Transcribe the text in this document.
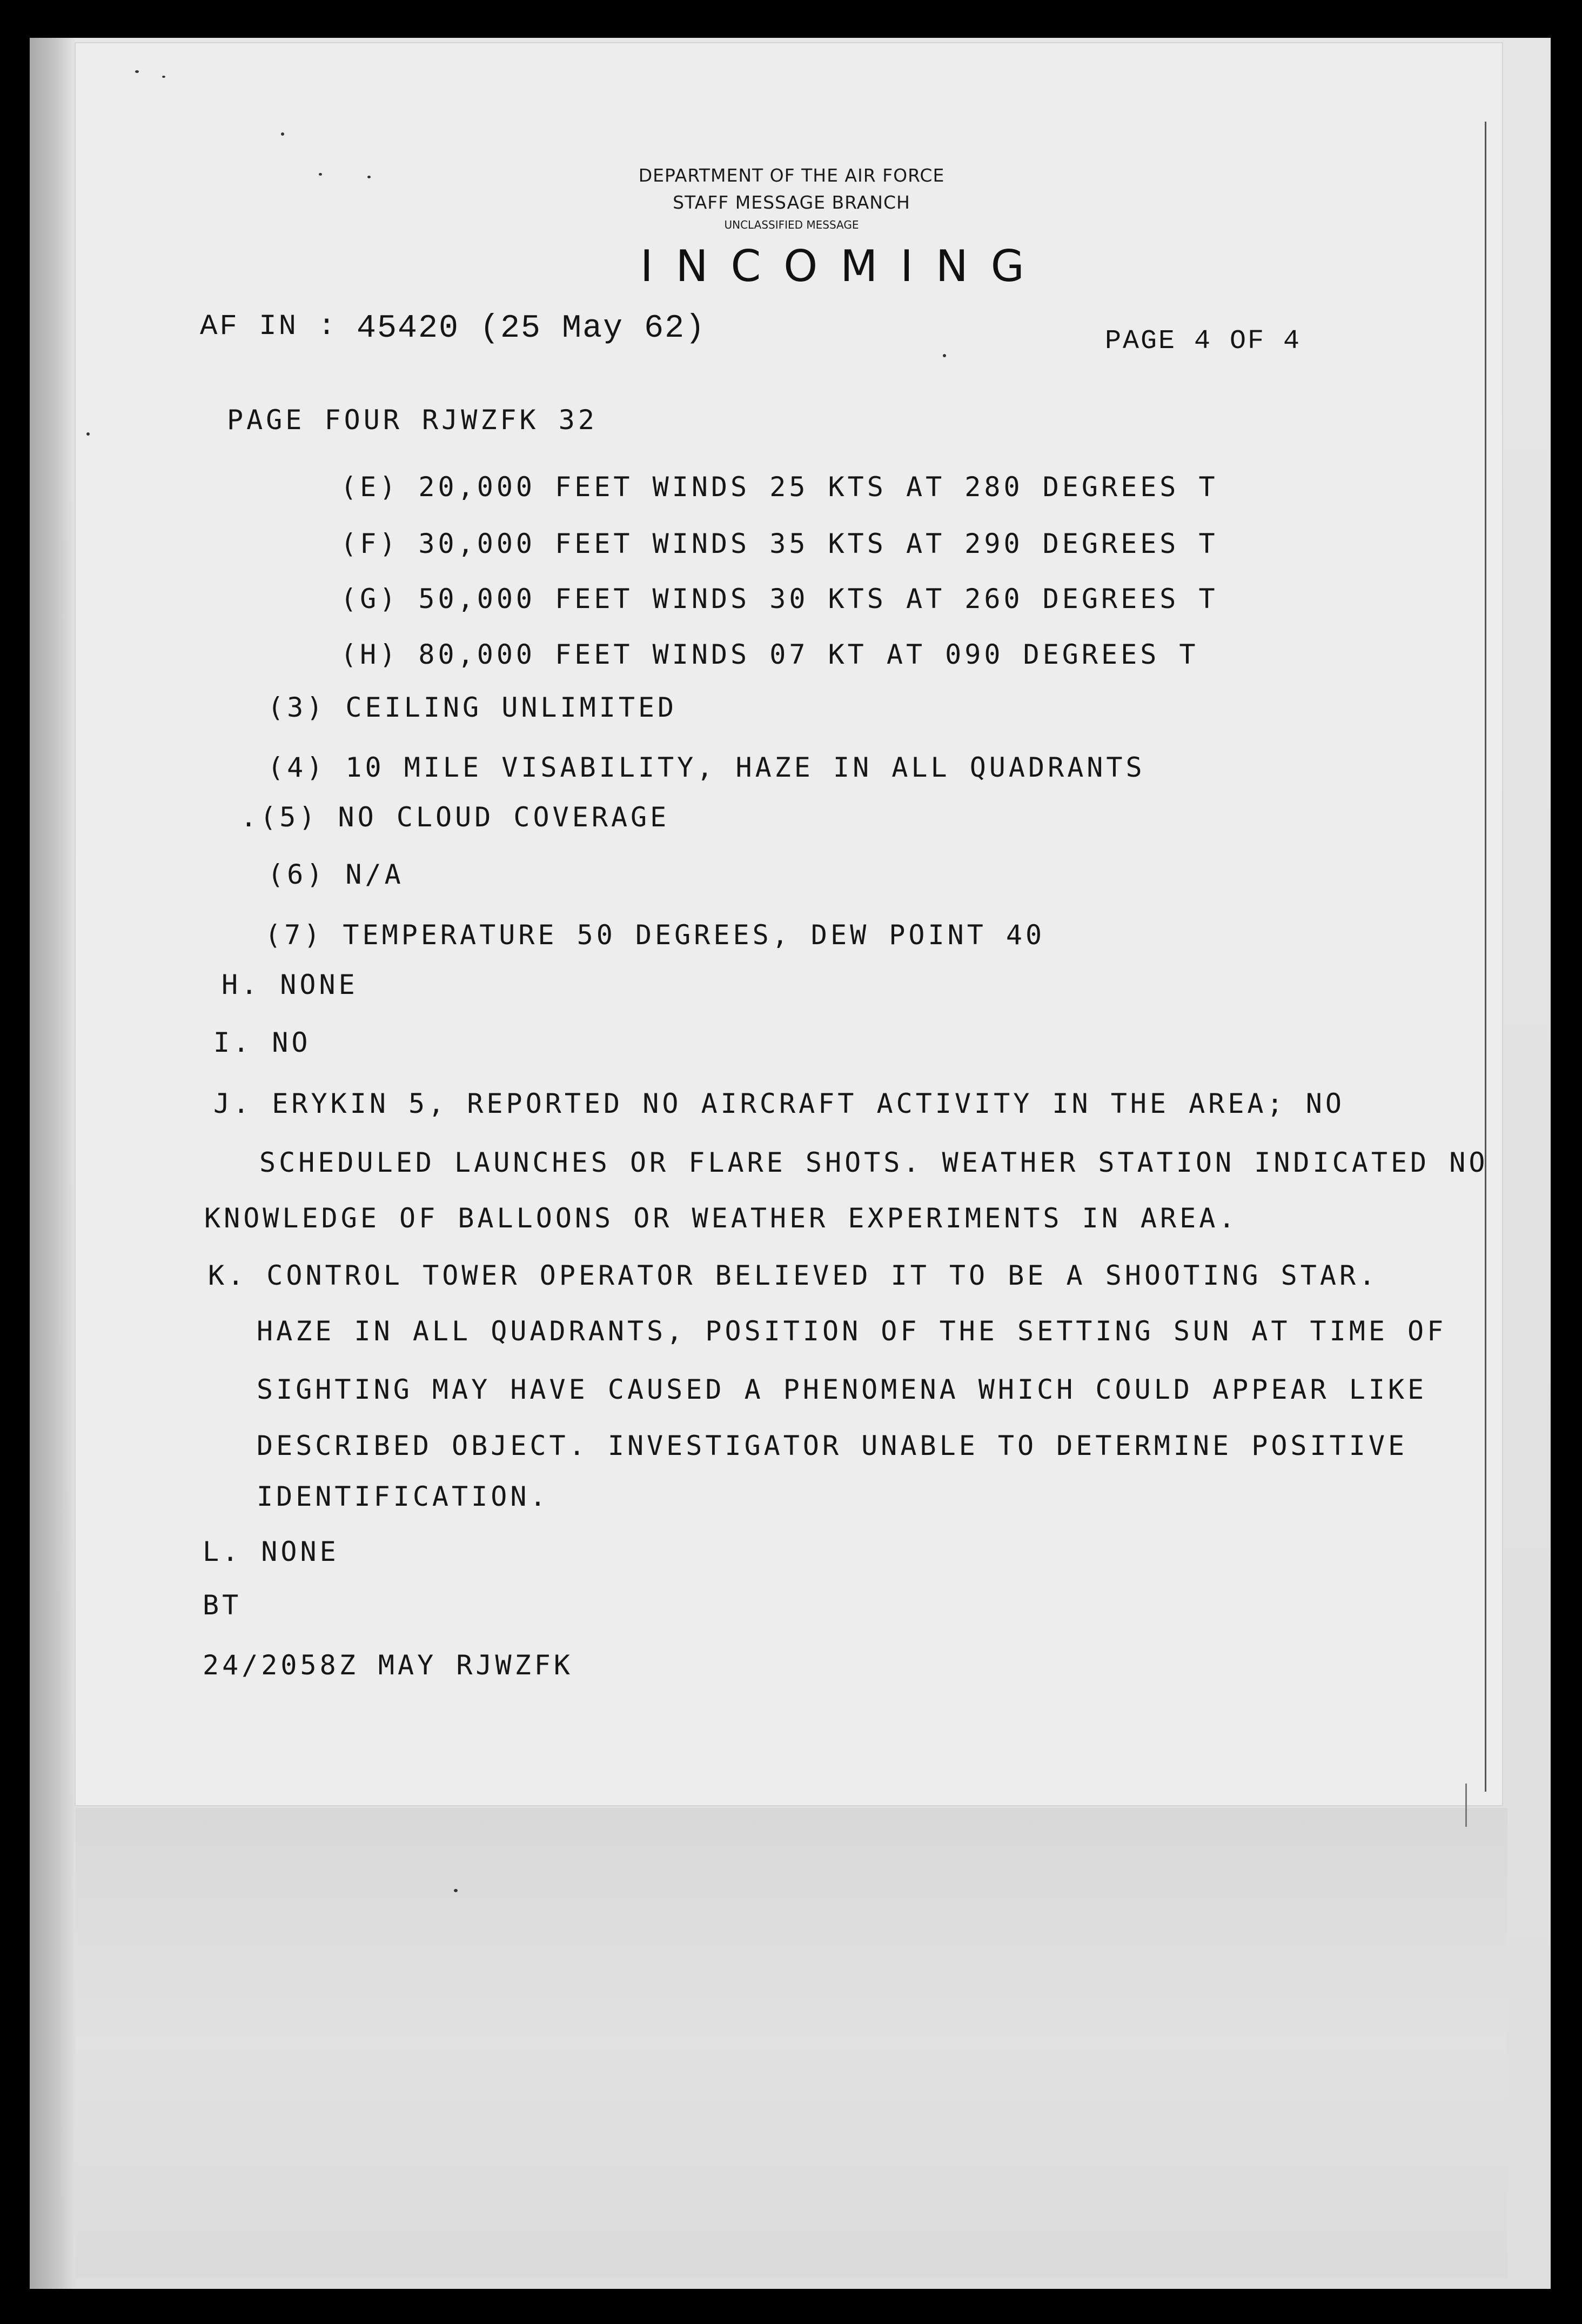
DEPARTMENT OF THE AIR FORCE
STAFF MESSAGE BRANCH
UNCLASSIFIED MESSAGE
INCOMING
AF IN : 45420 (25 May 62)	PAGE 4 OF 4
PAGE FOUR RJWZFK 32
(E) 20,000 FEET WINDS 25 KTS AT 280 DEGREES T
(F) 30,000 FEET WINDS 35 KTS AT 290 DEGREES T
(G) 50,000 FEET WINDS 30 KTS AT 260 DEGREES T
(H) 80,000 FEET WINDS 07 KT AT 090 DEGREES T
(3) CEILING UNLIMITED
(4) 10 MILE VISABILITY, HAZE IN ALL QUADRANTS
.(5) NO CLOUD COVERAGE
(6) N/A
(7) TEMPERATURE 50 DEGREES, DEW POINT 40
H. NONE
I. NO
J. ERYKIN 5, REPORTED NO AIRCRAFT ACTIVITY IN THE AREA; NO
SCHEDULED LAUNCHES OR FLARE SHOTS. WEATHER STATION INDICATED NO
KNOWLEDGE OF BALLOONS OR WEATHER EXPERIMENTS IN AREA.
K. CONTROL TOWER OPERATOR BELIEVED IT TO BE A SHOOTING STAR.
HAZE IN ALL QUADRANTS, POSITION OF THE SETTING SUN AT TIME OF
SIGHTING MAY HAVE CAUSED A PHENOMENA WHICH COULD APPEAR LIKE
DESCRIBED OBJECT. INVESTIGATOR UNABLE TO DETERMINE POSITIVE
IDENTIFICATION.
L. NONE
BT
24/2058Z MAY RJWZFK
